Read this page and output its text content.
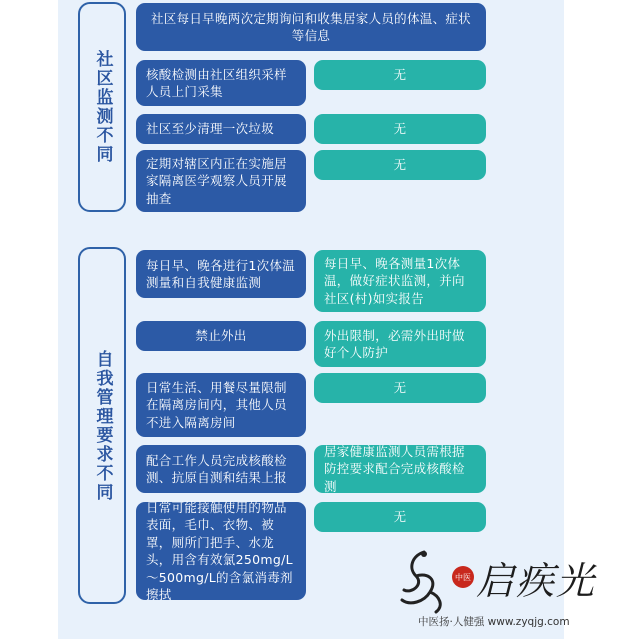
社区监测不同
社区每日早晚两次定期询问和收集居家人员的体温、症状等信息
核酸检测由社区组织采样人员上门采集
无
社区至少清理一次垃圾	无
定期对辖区内正在实施居家隔离医学观察人员开展抽查
无
自我管理要求不同
每日早、晚各进行1次体温测量和自我健康监测
每日早、晚各测量1次体温，做好症状监测，并向社区(村)如实报告
禁止外出	外出限制，必需外出时做好个人防护
日常生活、用餐尽量限制在隔离房间内，其他人员不进入隔离房间
无
配合工作人员完成核酸检测、抗原自测和结果上报
居家健康监测人员需根据防控要求配合完成核酸检测
日常可能接触使用的物品表面，毛巾、衣物、被罩，厕所门把手、水龙头，用含有效氯250mg/L～500mg/L的含氯消毒剂擦拭
无
中医 启疾光
中医扬·人健强 www.zyqjg.com
